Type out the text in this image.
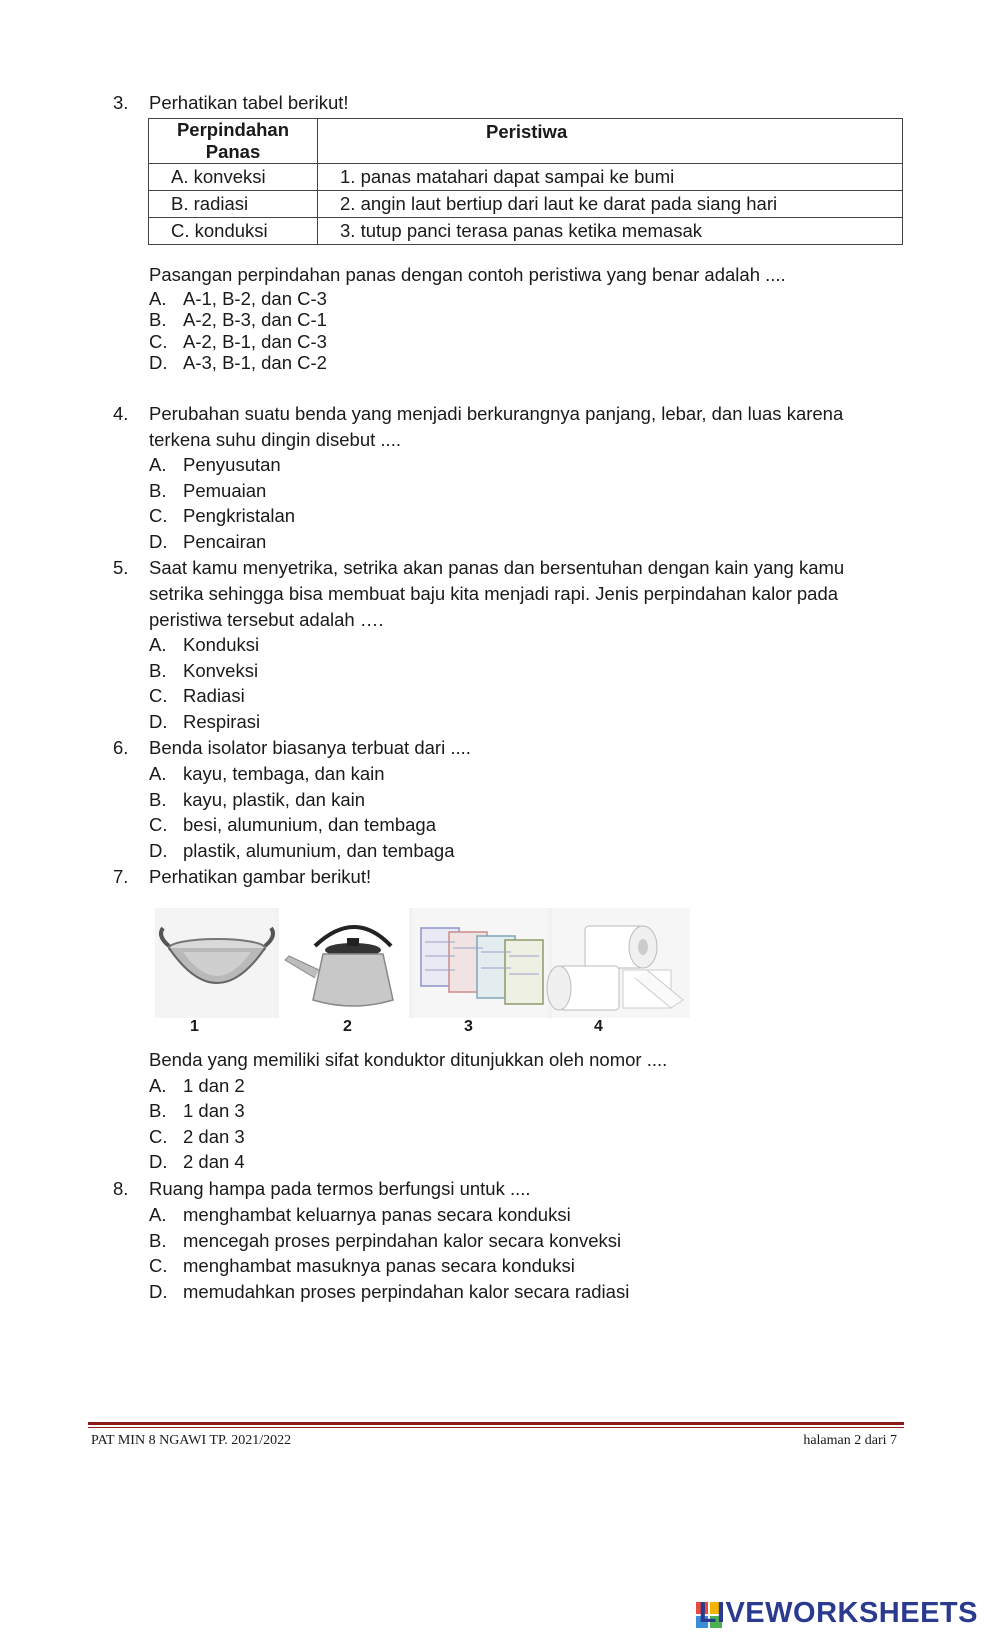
3. Perhatikan tabel berikut!
Perpindahan Panas	Peristiwa
A. konveksi	1. panas matahari dapat sampai ke bumi
B. radiasi	2. angin laut bertiup dari laut ke darat pada siang hari
C. konduksi	3. tutup panci terasa panas ketika memasak
Pasangan perpindahan panas dengan contoh peristiwa yang benar adalah ....
A. A-1, B-2, dan C-3
B. A-2, B-3, dan C-1
C. A-2, B-1, dan C-3
D. A-3, B-1, dan C-2
4. Perubahan suatu benda yang menjadi berkurangnya panjang, lebar, dan luas karena terkena suhu dingin disebut ....
A. Penyusutan
B. Pemuaian
C. Pengkristalan
D. Pencairan
5. Saat kamu menyetrika, setrika akan panas dan bersentuhan dengan kain yang kamu setrika sehingga bisa membuat baju kita menjadi rapi. Jenis perpindahan kalor pada peristiwa tersebut adalah ….
A. Konduksi
B. Konveksi
C. Radiasi
D. Respirasi
6. Benda isolator biasanya terbuat dari ....
A. kayu, tembaga, dan kain
B. kayu, plastik, dan kain
C. besi, alumunium, dan tembaga
D. plastik, alumunium, dan tembaga
7. Perhatikan gambar berikut!
1	2	3	4
Benda yang memiliki sifat konduktor ditunjukkan oleh nomor ....
A. 1 dan 2
B. 1 dan 3
C. 2 dan 3
D. 2 dan 4
8. Ruang hampa pada termos berfungsi untuk ....
A. menghambat keluarnya panas secara konduksi
B. mencegah proses perpindahan kalor secara konveksi
C. menghambat masuknya panas secara konduksi
D. memudahkan proses perpindahan kalor secara radiasi
PAT MIN 8 NGAWI TP. 2021/2022	halaman 2 dari 7
LIVEWORKSHEETS
